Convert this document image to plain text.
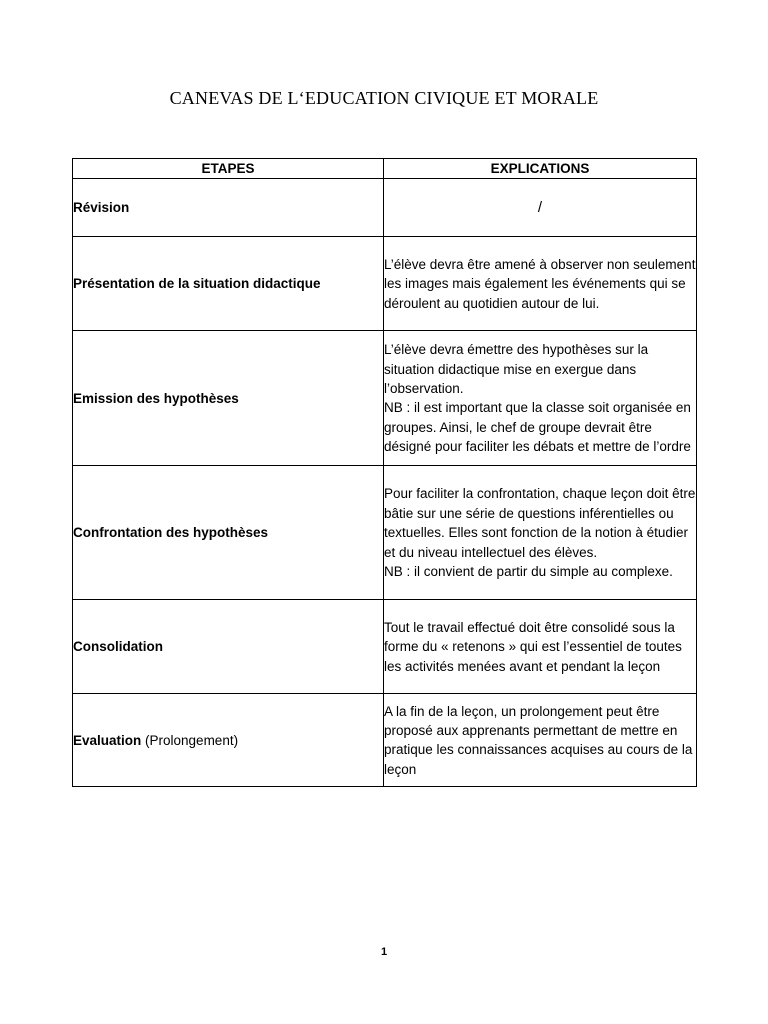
CANEVAS DE L‘EDUCATION CIVIQUE ET MORALE
ETAPES	EXPLICATIONS
Révision	/
Présentation de la situation didactique	L’élève devra être amené à observer non seulement les images mais également les événements qui se déroulent au quotidien autour de lui.
Emission des hypothèses	L’élève devra émettre des hypothèses sur la situation didactique mise en exergue dans l’observation.
NB : il est important que la classe soit organisée en groupes. Ainsi, le chef de groupe devrait être désigné pour faciliter les débats et mettre de l’ordre

Confrontation des hypothèses	Pour faciliter la confrontation, chaque leçon doit être bâtie sur une série de questions inférentielles ou textuelles. Elles sont fonction de la notion à étudier et du niveau intellectuel des élèves.
NB : il convient de partir du simple au complexe.

Consolidation	Tout le travail effectué doit être consolidé sous la forme du « retenons » qui est l’essentiel de toutes les activités menées avant et pendant la leçon
Evaluation (Prolongement)	A la fin de la leçon, un prolongement peut être proposé aux apprenants permettant de mettre en pratique les connaissances acquises au cours de la leçon
1
